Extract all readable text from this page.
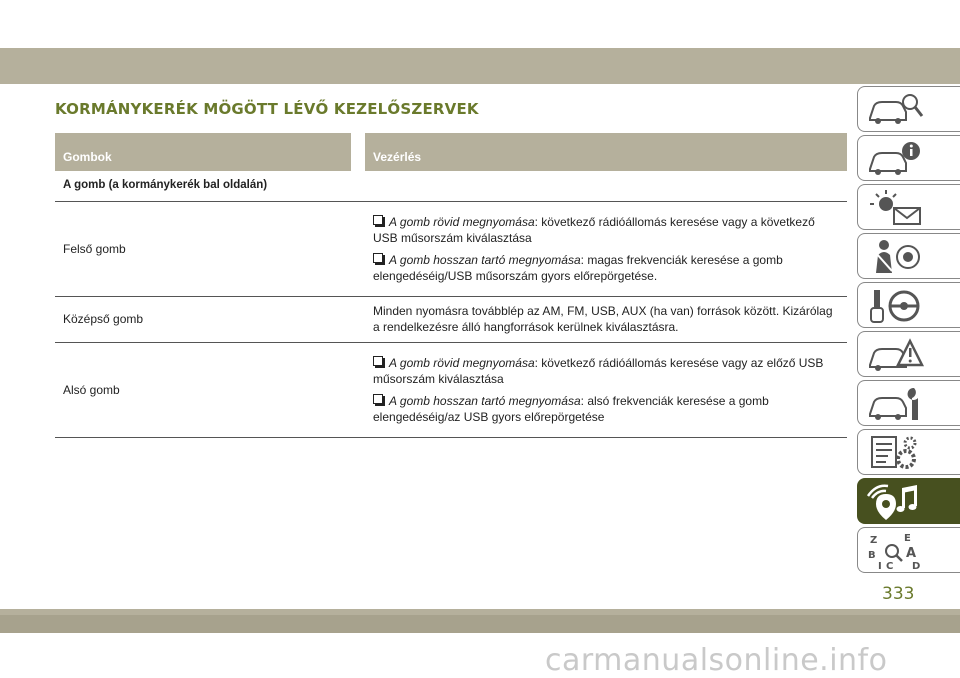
KORMÁNYKERÉK MÖGÖTT LÉVŐ KEZELŐSZERVEK
Gombok		Vezérlés
A gomb (a kormánykerék bal oldalán)		
Felső gomb		A gomb rövid megnyomása: következő rádióállomás keresése vagy a következő USB műsorszám kiválasztása
A gomb hosszan tartó megnyomása: magas frekvenciák keresése a gomb elengedéséig/USB műsorszám gyors előrepörgetése.

Középső gomb		Minden nyomásra továbblép az AM, FM, USB, AUX (ha van) források között. Kizárólag a rendelkezésre álló hangforrások kerülnek kiválasztásra.
Alsó gomb		A gomb rövid megnyomása: következő rádióállomás keresése vagy az előző USB műsorszám kiválasztása
A gomb hosszan tartó megnyomása: alsó frekvenciák keresése a gomb elengedéséig/az USB gyors előrepörgetése
Z	E
B A
I C D
333
carmanualsonline.info
